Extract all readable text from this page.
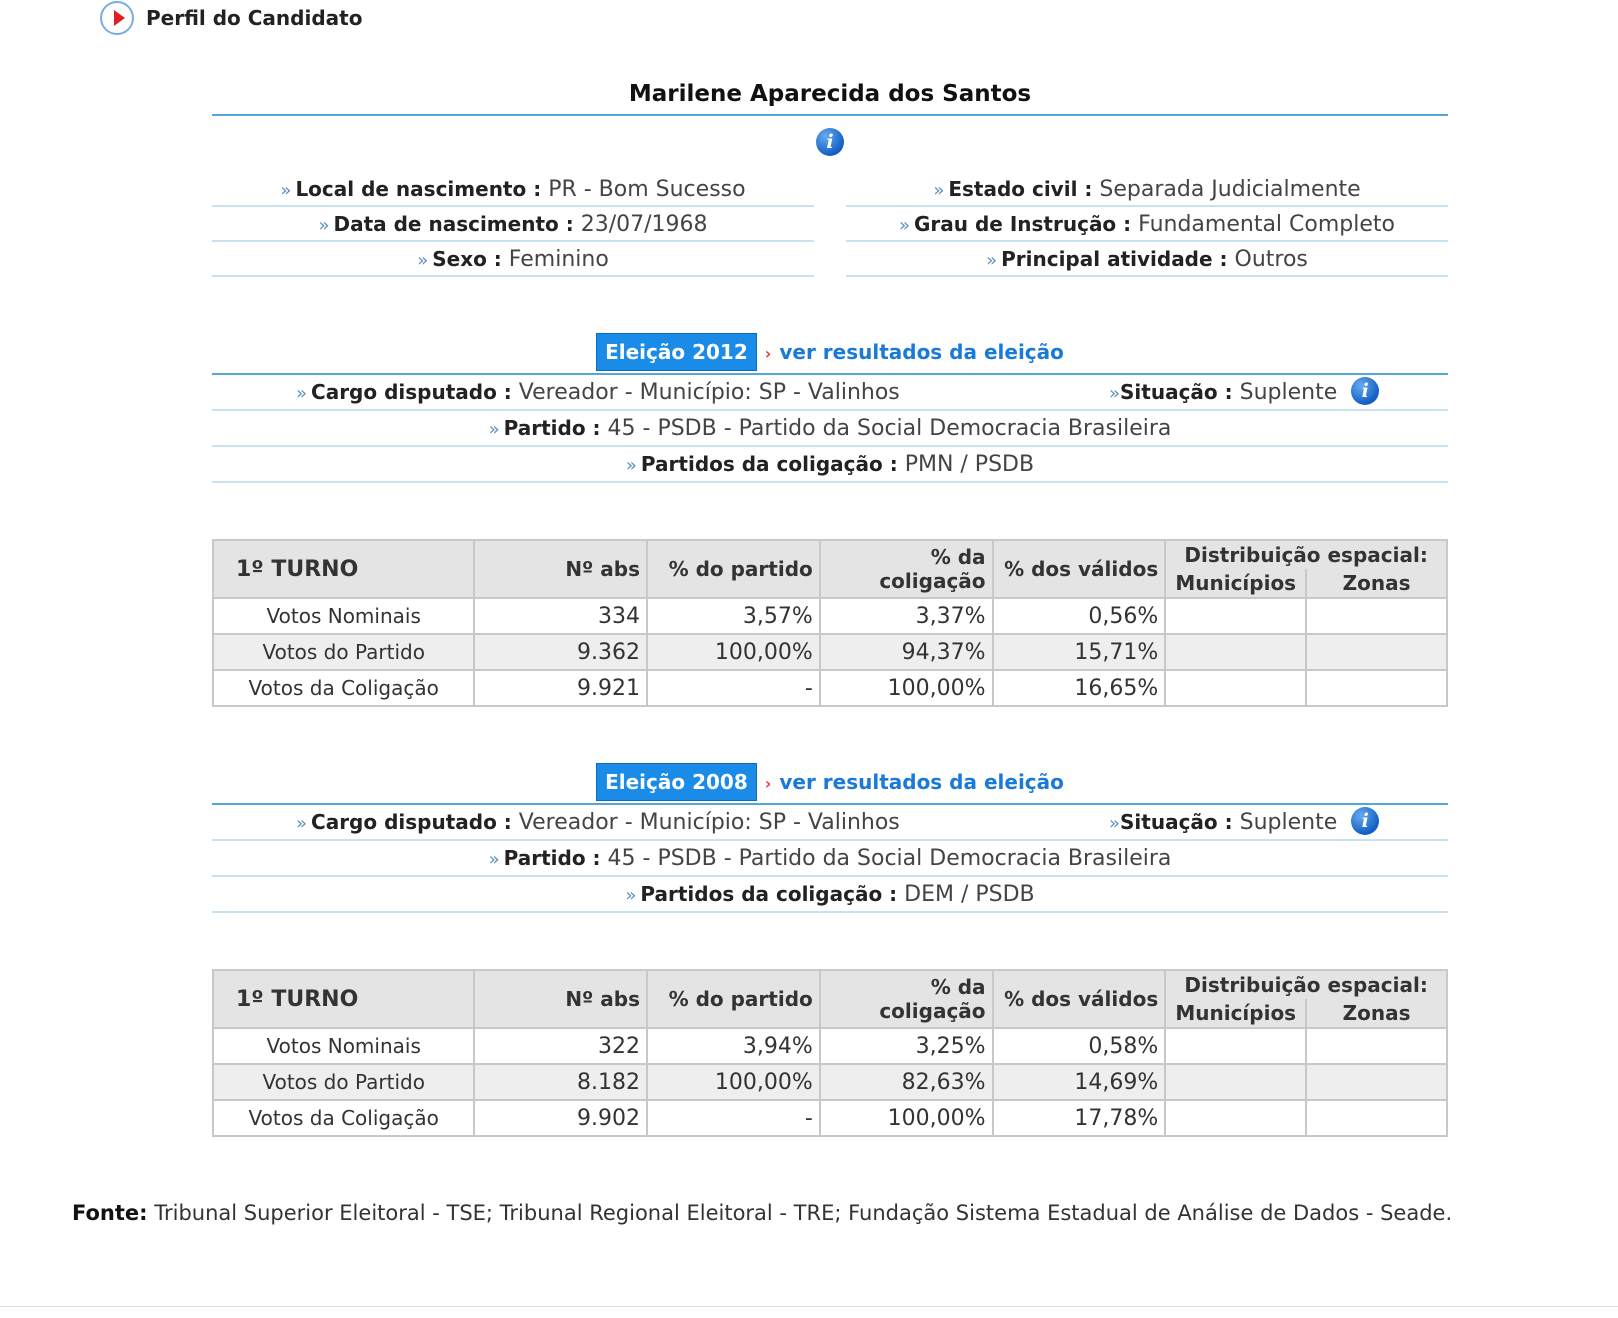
Perfil do Candidato
Marilene Aparecida dos Santos
i
» Local de nascimento : PR - Bom Sucesso
» Data de nascimento : 23/07/1968
» Sexo : Feminino
» Estado civil : Separada Judicialmente
» Grau de Instrução : Fundamental Completo
» Principal atividade : Outros
Eleição 2012 › ver resultados da eleição
» Cargo disputado : Vereador - Município: SP - Valinhos	»Situação : Suplente i
» Partido : 45 - PSDB - Partido da Social Democracia Brasileira
» Partidos da coligação : PMN / PSDB
1º TURNO	Nº abs	% do partido	% da coligação	% dos válidos	Distribuição espacial:	
					Municípios	Zonas
Votos Nominais	334	3,57%	3,37%	0,56%		
Votos do Partido	9.362	100,00%	94,37%	15,71%		
Votos da Coligação	9.921	-	100,00%	16,65%		
Eleição 2008 › ver resultados da eleição
» Cargo disputado : Vereador - Município: SP - Valinhos	»Situação : Suplente i
» Partido : 45 - PSDB - Partido da Social Democracia Brasileira
» Partidos da coligação : DEM / PSDB
1º TURNO	Nº abs	% do partido	% da coligação	% dos válidos	Distribuição espacial:	
					Municípios	Zonas
Votos Nominais	322	3,94%	3,25%	0,58%		
Votos do Partido	8.182	100,00%	82,63%	14,69%		
Votos da Coligação	9.902	-	100,00%	17,78%		
Fonte: Tribunal Superior Eleitoral - TSE; Tribunal Regional Eleitoral - TRE; Fundação Sistema Estadual de Análise de Dados - Seade.
